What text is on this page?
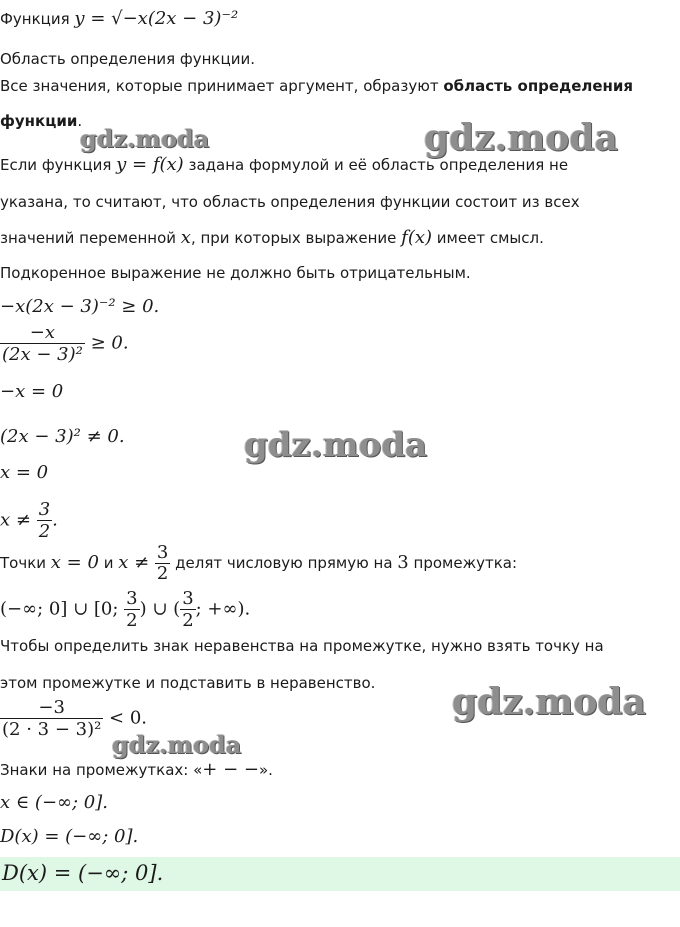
Функция y = √−x(2x − 3)⁻²
Область определения функции.
Все значения, которые принимает аргумент, образуют область определения
функции.
Если функция y = f(x) задана формулой и её область определения не
указана, то считают, что область определения функции состоит из всех
значений переменной x, при которых выражение f(x) имеет смысл.
Подкоренное выражение не должно быть отрицательным.
−x(2x − 3)⁻² ≥ 0.
$\frac{-x}{\text{(2x − 3)²}} \ge 0$.
−x = 0
(2x − 3)² ≠ 0.
x = 0
$x \ne \frac{3}{2}$ .
Точки x = 0 и $x \ne \frac{3}{2}$ делят числовую прямую на 3 промежутка:
(−∞; 0] ∪ [0; $\frac{3}{2}$ ) ∪ ( $\frac{3}{2}$ ; +∞).
Чтобы определить знак неравенства на промежутке, нужно взять точку на
этом промежутке и подставить в неравенство.
$\frac{-3}{\text{(2 · 3 − 3)²}} < 0$.
Знаки на промежутках: «+ − −».
x ∈ (−∞; 0].
D(x) = (−∞; 0].
D(x) = (−∞; 0].
gdz.moda	gdz.moda
gdz.moda
gdz.moda
gdz.moda
